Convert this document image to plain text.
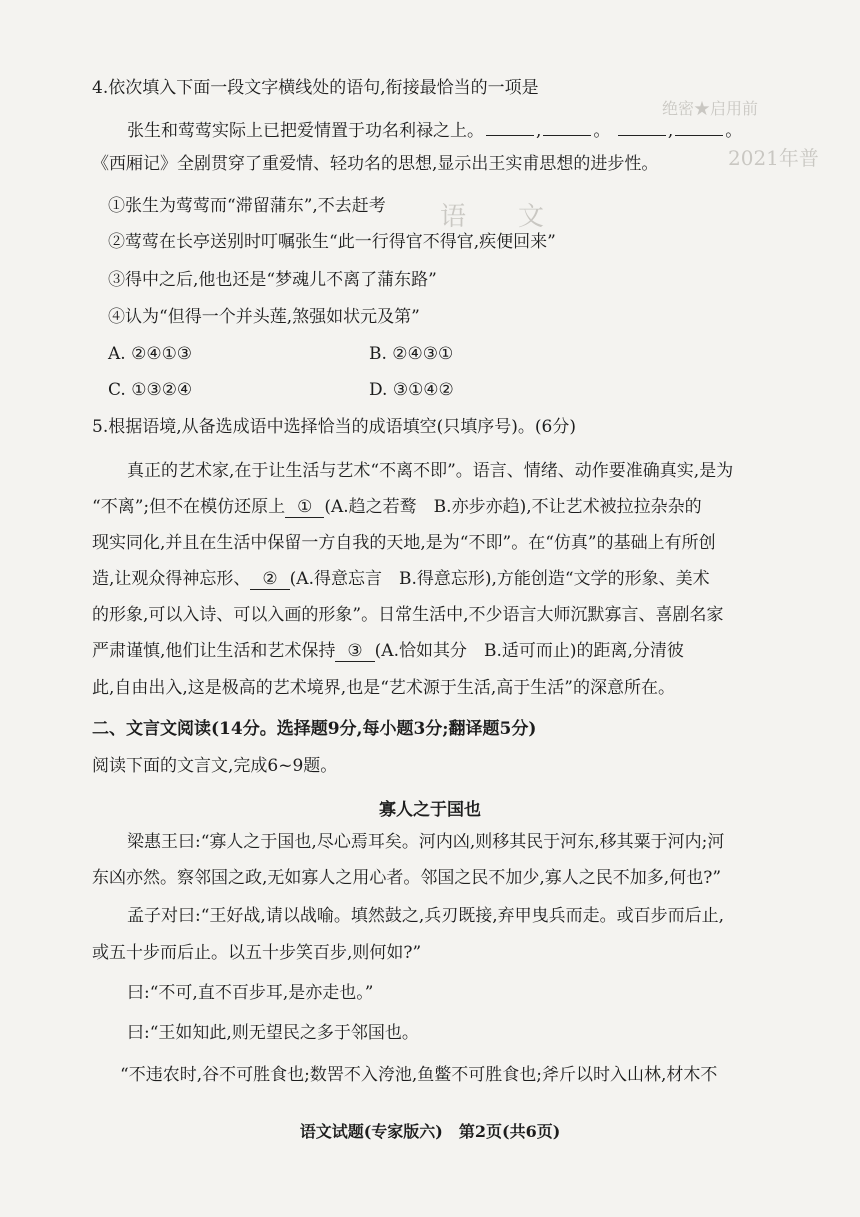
绝密★启用前
2021年普
语　　文
4.依次填入下面一段文字横线处的语句,衔接最恰当的一项是
张生和莺莺实际上已把爱情置于功名利禄之上。	,	。	,	。
《西厢记》全剧贯穿了重爱情、轻功名的思想,显示出王实甫思想的进步性。
①张生为莺莺而“滞留蒲东”,不去赶考
②莺莺在长亭送别时叮嘱张生“此一行得官不得官,疾便回来”
③得中之后,他也还是“梦魂儿不离了蒲东路”
④认为“但得一个并头莲,煞强如状元及第”
A. ②④①③	B. ②④③①
C. ①③②④	D. ③①④②
5.根据语境,从备选成语中选择恰当的成语填空(只填序号)。(6分)
真正的艺术家,在于让生活与艺术“不离不即”。语言、情绪、动作要准确真实,是为
“不离”;但不在模仿还原上 ① (A.趋之若鹜　B.亦步亦趋),不让艺术被拉拉杂杂的
现实同化,并且在生活中保留一方自我的天地,是为“不即”。在“仿真”的基础上有所创
造,让观众得神忘形、 ② (A.得意忘言　B.得意忘形),方能创造“文学的形象、美术
的形象,可以入诗、可以入画的形象”。日常生活中,不少语言大师沉默寡言、喜剧名家
严肃谨慎,他们让生活和艺术保持 ③ (A.恰如其分　B.适可而止)的距离,分清彼
此,自由出入,这是极高的艺术境界,也是“艺术源于生活,高于生活”的深意所在。
二、文言文阅读(14分。选择题9分,每小题3分;翻译题5分)
阅读下面的文言文,完成6~9题。
寡人之于国也
梁惠王曰:“寡人之于国也,尽心焉耳矣。河内凶,则移其民于河东,移其粟于河内;河
东凶亦然。察邻国之政,无如寡人之用心者。邻国之民不加少,寡人之民不加多,何也?”
孟子对曰:“王好战,请以战喻。填然鼓之,兵刃既接,弃甲曳兵而走。或百步而后止,
或五十步而后止。以五十步笑百步,则何如?”
曰:“不可,直不百步耳,是亦走也。”
曰:“王如知此,则无望民之多于邻国也。
“不违农时,谷不可胜食也;数罟不入洿池,鱼鳖不可胜食也;斧斤以时入山林,材木不
语文试题(专家版六)　第2页(共6页)
